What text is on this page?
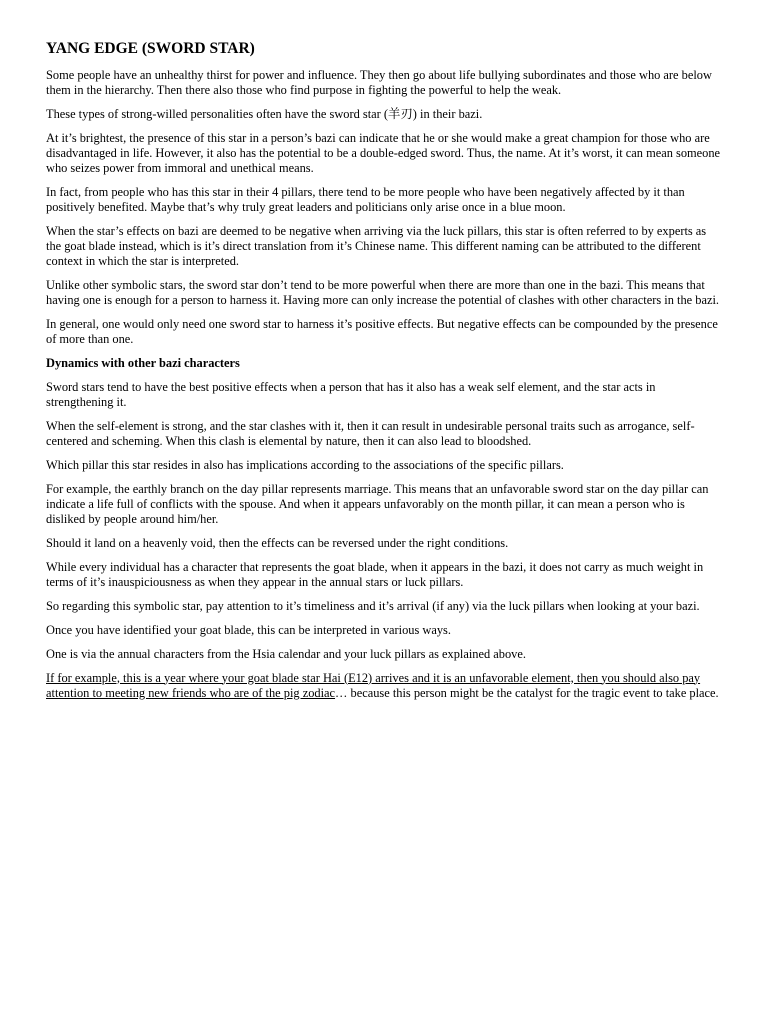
YANG EDGE (SWORD STAR)

Some people have an unhealthy thirst for power and influence. They then go about life bullying subordinates and those who are below them in the hierarchy. Then there also those who find purpose in fighting the powerful to help the weak.

These types of strong-willed personalities often have the sword star (羊刃) in their bazi.

At it’s brightest, the presence of this star in a person’s bazi can indicate that he or she would make a great champion for those who are disadvantaged in life. However, it also has the potential to be a double-edged sword. Thus, the name. At it’s worst, it can mean someone who seizes power from immoral and unethical means.

In fact, from people who has this star in their 4 pillars, there tend to be more people who have been negatively affected by it than positively benefited. Maybe that’s why truly great leaders and politicians only arise once in a blue moon.

When the star’s effects on bazi are deemed to be negative when arriving via the luck pillars, this star is often referred to by experts as the goat blade instead, which is it’s direct translation from it’s Chinese name. This different naming can be attributed to the different context in which the star is interpreted.

Unlike other symbolic stars, the sword star don’t tend to be more powerful when there are more than one in the bazi. This means that having one is enough for a person to harness it. Having more can only increase the potential of clashes with other characters in the bazi.

In general, one would only need one sword star to harness it’s positive effects. But negative effects can be compounded by the presence of more than one.

Dynamics with other bazi characters

Sword stars tend to have the best positive effects when a person that has it also has a weak self element, and the star acts in strengthening it.

When the self-element is strong, and the star clashes with it, then it can result in undesirable personal traits such as arrogance, self-centered and scheming. When this clash is elemental by nature, then it can also lead to bloodshed.

Which pillar this star resides in also has implications according to the associations of the specific pillars.

For example, the earthly branch on the day pillar represents marriage. This means that an unfavorable sword star on the day pillar can indicate a life full of conflicts with the spouse. And when it appears unfavorably on the month pillar, it can mean a person who is disliked by people around him/her.

Should it land on a heavenly void, then the effects can be reversed under the right conditions.

While every individual has a character that represents the goat blade, when it appears in the bazi, it does not carry as much weight in terms of it’s inauspiciousness as when they appear in the annual stars or luck pillars.

So regarding this symbolic star, pay attention to it’s timeliness and it’s arrival (if any) via the luck pillars when looking at your bazi.

Once you have identified your goat blade, this can be interpreted in various ways.

One is via the annual characters from the Hsia calendar and your luck pillars as explained above.

If for example, this is a year where your goat blade star Hai (E12) arrives and it is an unfavorable element, then you should also pay attention to meeting new friends who are of the pig zodiac… because this person might be the catalyst for the tragic event to take place.
